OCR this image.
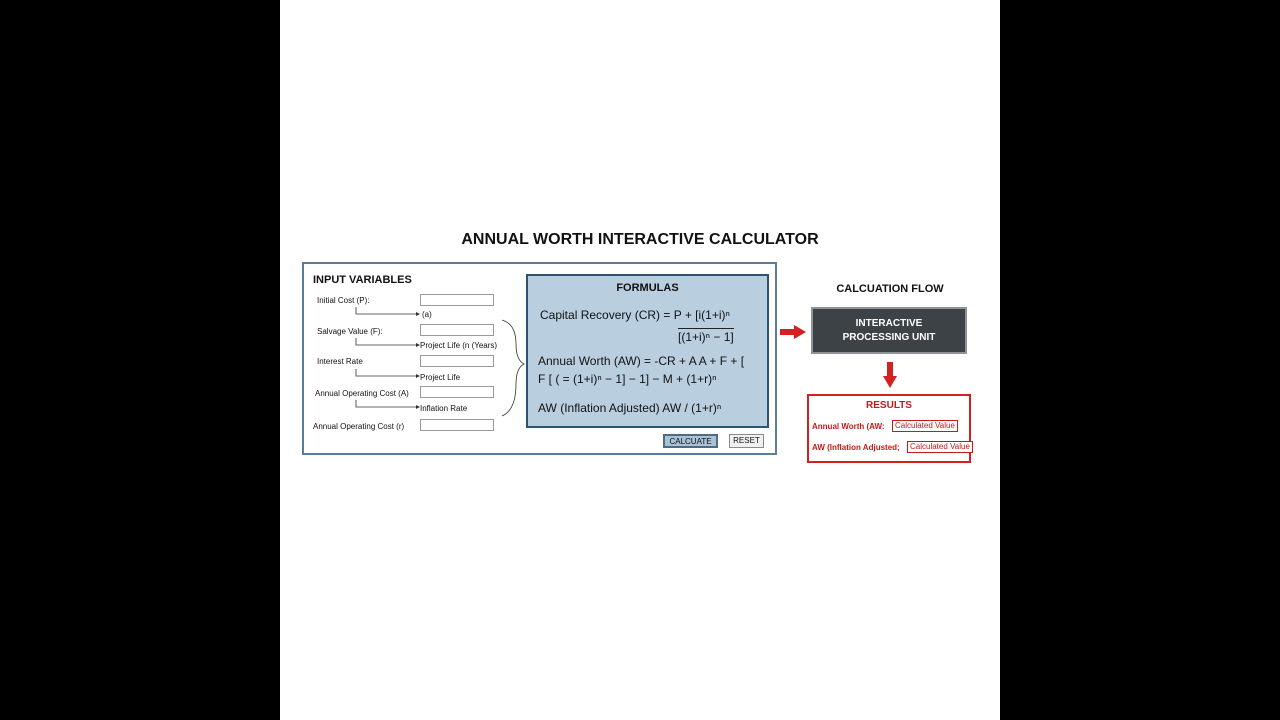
ANNUAL WORTH INTERACTIVE CALCULATOR
INPUT VARIABLES
Initial Cost (P):
(a)
Salvage Value (F):
Project Life (n (Years)
Interest Rate
Project Life
Annual Operating Cost (A)
Inflation Rate
Annual Operating Cost (r)
FORMULAS
Capital Recovery (CR) = P + [i(1+i)ⁿ
[(1+i)ⁿ − 1]
Annual Worth (AW) = -CR + A A + F + [
F [ ( = (1+i)ⁿ − 1] − 1] − M + (1+r)ⁿ
AW (Inflation Adjusted) AW / (1+r)ⁿ
CALCUATE	RESET
CALCUATION FLOW
INTERACTIVE
PROCESSING UNIT
RESULTS
Annual Worth (AW:	Calculated Value
AW (Inflation Adjusted;	Calculated Value
